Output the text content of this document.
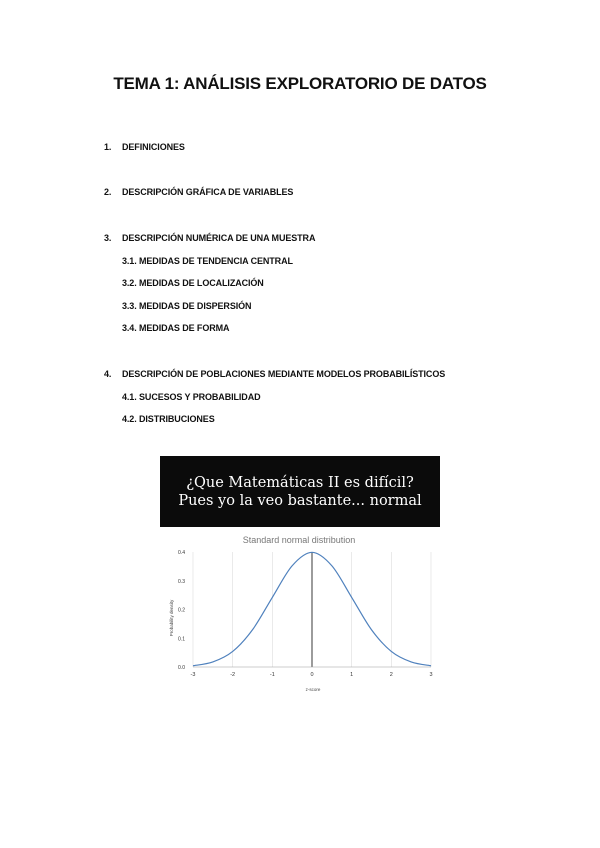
TEMA 1: ANÁLISIS EXPLORATORIO DE DATOS
1. DEFINICIONES
2. DESCRIPCIÓN GRÁFICA DE VARIABLES
3. DESCRIPCIÓN NUMÉRICA DE UNA MUESTRA
3.1. MEDIDAS DE TENDENCIA CENTRAL
3.2. MEDIDAS DE LOCALIZACIÓN
3.3. MEDIDAS DE DISPERSIÓN
3.4. MEDIDAS DE FORMA
4. DESCRIPCIÓN DE POBLACIONES MEDIANTE MODELOS PROBABILÍSTICOS
4.1. SUCESOS Y PROBABILIDAD
4.2. DISTRIBUCIONES
¿Que Matemáticas II es difícil?
Pues yo la veo bastante... normal
Standard normal distribution
-3	-2	-1	0	1	2	3
0.0
0.1
0.2
0.3
0.4
Probability density
z-score
